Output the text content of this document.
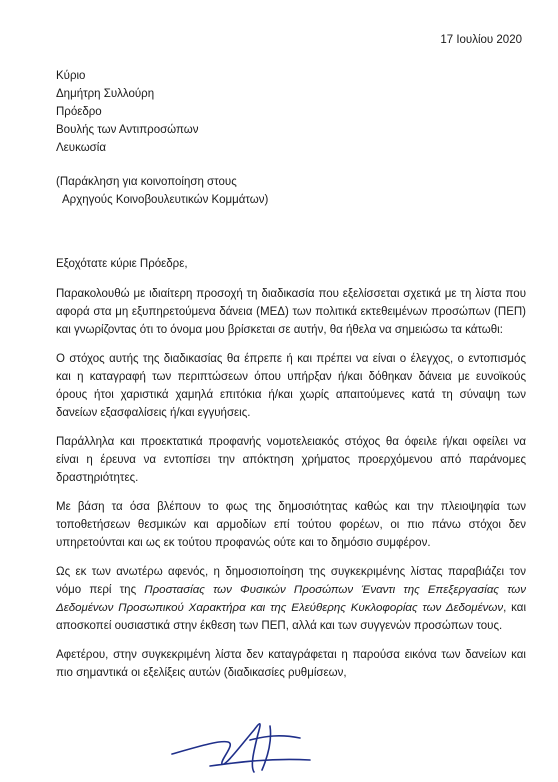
17 Ιουλίου 2020
Κύριο
Δημήτρη Συλλούρη
Πρόεδρο
Βουλής των Αντιπροσώπων
Λευκωσία
(Παράκληση για κοινοποίηση στους
Αρχηγούς Κοινοβουλευτικών Κομμάτων)
Εξοχότατε κύριε Πρόεδρε,
Παρακολουθώ με ιδιαίτερη προσοχή τη διαδικασία που εξελίσσεται σχετικά με τη λίστα που αφορά στα μη εξυπηρετούμενα δάνεια (ΜΕΔ) των πολιτικά εκτεθειμένων προσώπων (ΠΕΠ) και γνωρίζοντας ότι το όνομα μου βρίσκεται σε αυτήν, θα ήθελα να σημειώσω τα κάτωθι:
Ο στόχος αυτής της διαδικασίας θα έπρεπε ή και πρέπει να είναι ο έλεγχος, ο εντοπισμός και η καταγραφή των περιπτώσεων όπου υπήρξαν ή/και δόθηκαν δάνεια με ευνοϊκούς όρους ήτοι χαριστικά χαμηλά επιτόκια ή/και χωρίς απαιτούμενες κατά τη σύναψη των δανείων εξασφαλίσεις ή/και εγγυήσεις.
Παράλληλα και προεκτατικά προφανής νομοτελειακός στόχος θα όφειλε ή/και οφείλει να είναι η έρευνα να εντοπίσει την απόκτηση χρήματος προερχόμενου από παράνομες δραστηριότητες.
Με βάση τα όσα βλέπουν το φως της δημοσιότητας καθώς και την πλειοψηφία των τοποθετήσεων θεσμικών και αρμοδίων επί τούτου φορέων, οι πιο πάνω στόχοι δεν υπηρετούνται και ως εκ τούτου προφανώς ούτε και το δημόσιο συμφέρον.
Ως εκ των ανωτέρω αφενός, η δημοσιοποίηση της συγκεκριμένης λίστας παραβιάζει τον νόμο περί της Προστασίας των Φυσικών Προσώπων Έναντι της Επεξεργασίας των Δεδομένων Προσωπικού Χαρακτήρα και της Ελεύθερης Κυκλοφορίας των Δεδομένων, και αποσκοπεί ουσιαστικά στην έκθεση των ΠΕΠ, αλλά και των συγγενών προσώπων τους.
Αφετέρου, στην συγκεκριμένη λίστα δεν καταγράφεται η παρούσα εικόνα των δανείων και πιο σημαντικά οι εξελίξεις αυτών (διαδικασίες ρυθμίσεων,
